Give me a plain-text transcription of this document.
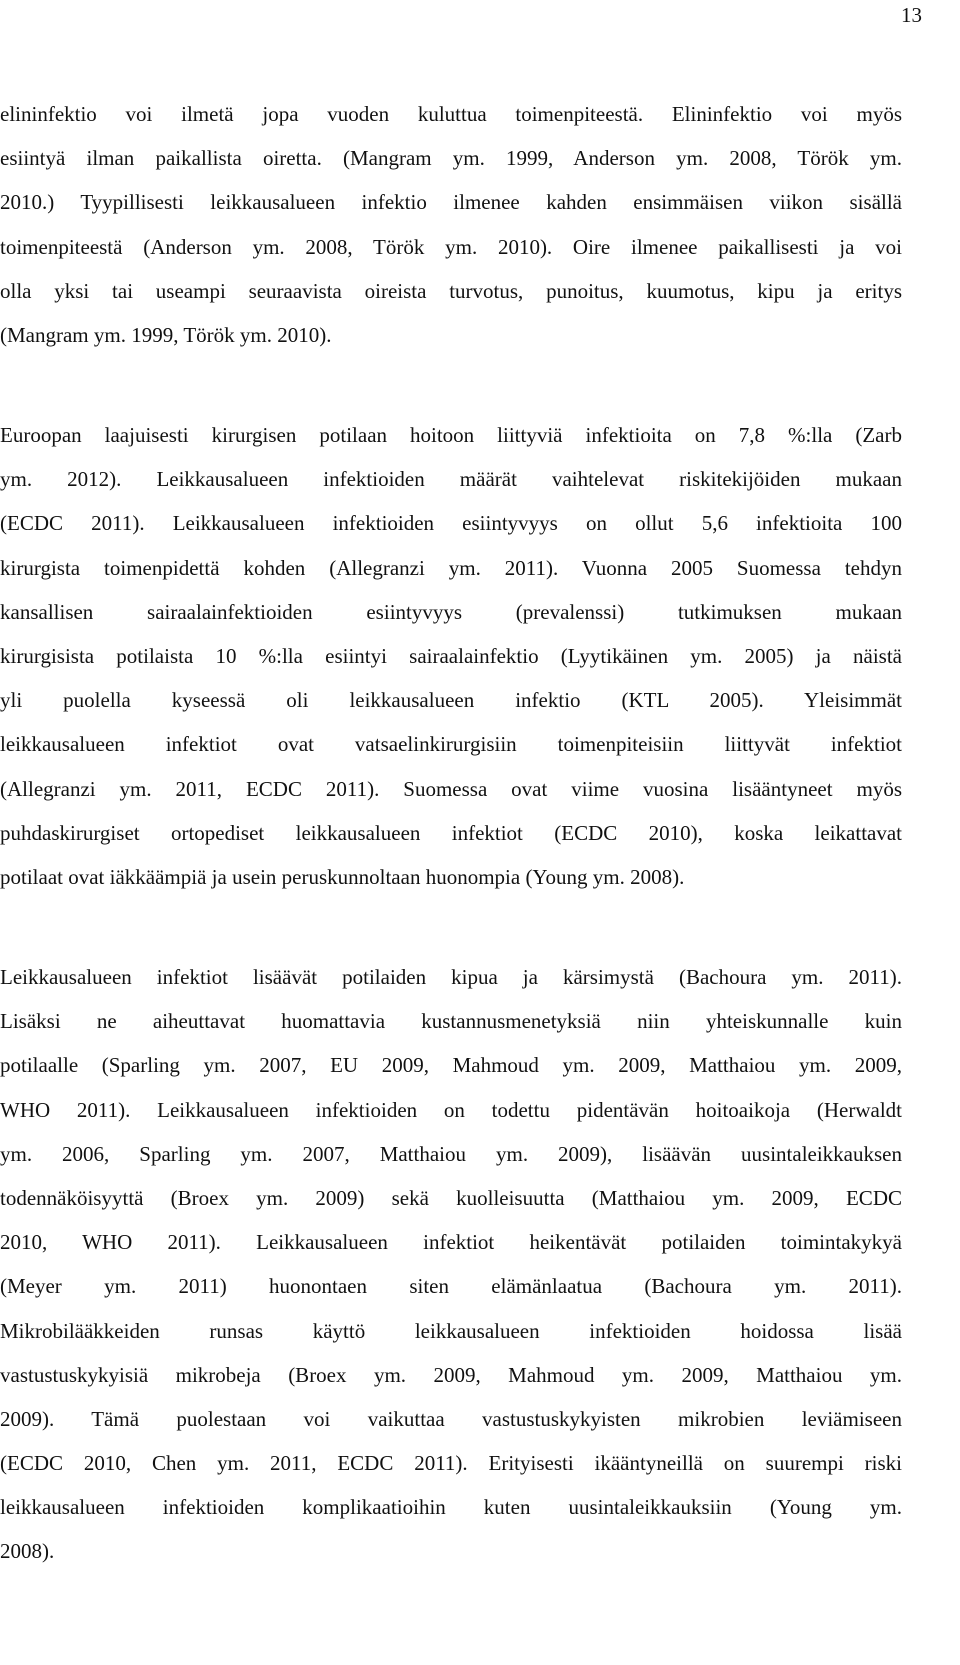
13
elininfektio voi ilmetä jopa vuoden kuluttua toimenpiteestä. Elininfektio voi myös
esiintyä ilman paikallista oiretta. (Mangram ym. 1999, Anderson ym. 2008, Török ym.
2010.) Tyypillisesti leikkausalueen infektio ilmenee kahden ensimmäisen viikon sisällä
toimenpiteestä (Anderson ym. 2008, Török ym. 2010). Oire ilmenee paikallisesti ja voi
olla yksi tai useampi seuraavista oireista turvotus, punoitus, kuumotus, kipu ja eritys
(Mangram ym. 1999, Török ym. 2010).
Euroopan laajuisesti kirurgisen potilaan hoitoon liittyviä infektioita on 7,8 %:lla (Zarb
ym. 2012). Leikkausalueen infektioiden määrät vaihtelevat riskitekijöiden mukaan
(ECDC 2011). Leikkausalueen infektioiden esiintyvyys on ollut 5,6 infektioita 100
kirurgista toimenpidettä kohden (Allegranzi ym. 2011). Vuonna 2005 Suomessa tehdyn
kansallisen sairaalainfektioiden esiintyvyys (prevalenssi) tutkimuksen mukaan
kirurgisista potilaista 10 %:lla esiintyi sairaalainfektio (Lyytikäinen ym. 2005) ja näistä
yli puolella kyseessä oli leikkausalueen infektio (KTL 2005). Yleisimmät
leikkausalueen infektiot ovat vatsaelinkirurgisiin toimenpiteisiin liittyvät infektiot
(Allegranzi ym. 2011, ECDC 2011). Suomessa ovat viime vuosina lisääntyneet myös
puhdaskirurgiset ortopediset leikkausalueen infektiot (ECDC 2010), koska leikattavat
potilaat ovat iäkkäämpiä ja usein peruskunnoltaan huonompia (Young ym. 2008).
Leikkausalueen infektiot lisäävät potilaiden kipua ja kärsimystä (Bachoura ym. 2011).
Lisäksi ne aiheuttavat huomattavia kustannusmenetyksiä niin yhteiskunnalle kuin
potilaalle (Sparling ym. 2007, EU 2009, Mahmoud ym. 2009, Matthaiou ym. 2009,
WHO 2011). Leikkausalueen infektioiden on todettu pidentävän hoitoaikoja (Herwaldt
ym. 2006, Sparling ym. 2007, Matthaiou ym. 2009), lisäävän uusintaleikkauksen
todennäköisyyttä (Broex ym. 2009) sekä kuolleisuutta (Matthaiou ym. 2009, ECDC
2010, WHO 2011). Leikkausalueen infektiot heikentävät potilaiden toimintakykyä
(Meyer ym. 2011) huonontaen siten elämänlaatua (Bachoura ym. 2011).
Mikrobilääkkeiden runsas käyttö leikkausalueen infektioiden hoidossa lisää
vastustuskykyisiä mikrobeja (Broex ym. 2009, Mahmoud ym. 2009, Matthaiou ym.
2009). Tämä puolestaan voi vaikuttaa vastustuskykyisten mikrobien leviämiseen
(ECDC 2010, Chen ym. 2011, ECDC 2011). Erityisesti ikääntyneillä on suurempi riski
leikkausalueen infektioiden komplikaatioihin kuten uusintaleikkauksiin (Young ym.
2008).
